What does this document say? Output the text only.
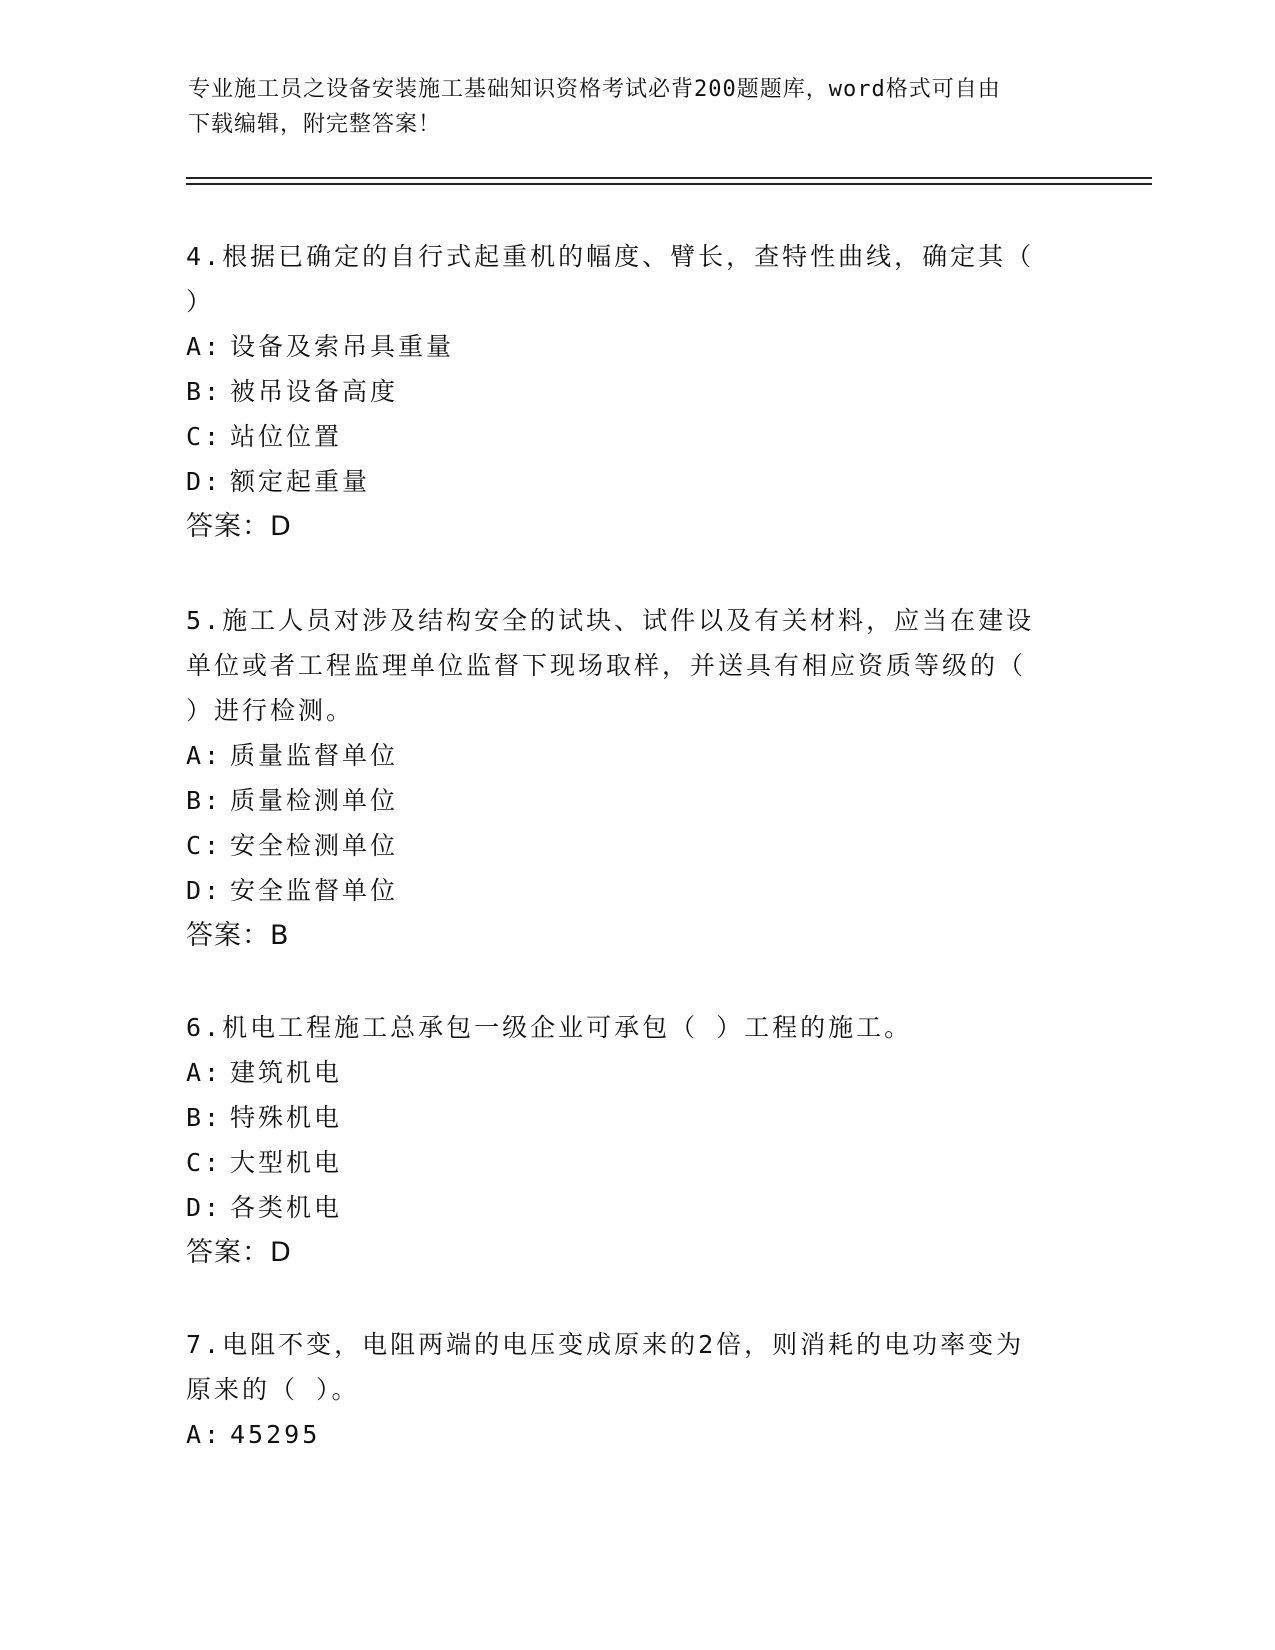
专业施工员之设备安装施工基础知识资格考试必背200题题库，word格式可自由
下载编辑，附完整答案！

4.根据已确定的自行式起重机的幅度、臂长，查特性曲线，确定其（

）

A: 设备及索吊具重量

B: 被吊设备高度

C: 站位位置

D: 额定起重量

答案：D

5.施工人员对涉及结构安全的试块、试件以及有关材料，应当在建设

单位或者工程监理单位监督下现场取样，并送具有相应资质等级的（

）进行检测。

A: 质量监督单位

B: 质量检测单位

C: 安全检测单位

D: 安全监督单位

答案：B

6.机电工程施工总承包一级企业可承包（ ）工程的施工。

A: 建筑机电

B: 特殊机电

C: 大型机电

D: 各类机电

答案：D

7.电阻不变，电阻两端的电压变成原来的2倍，则消耗的电功率变为

原来的（ ）。

A: 45295
